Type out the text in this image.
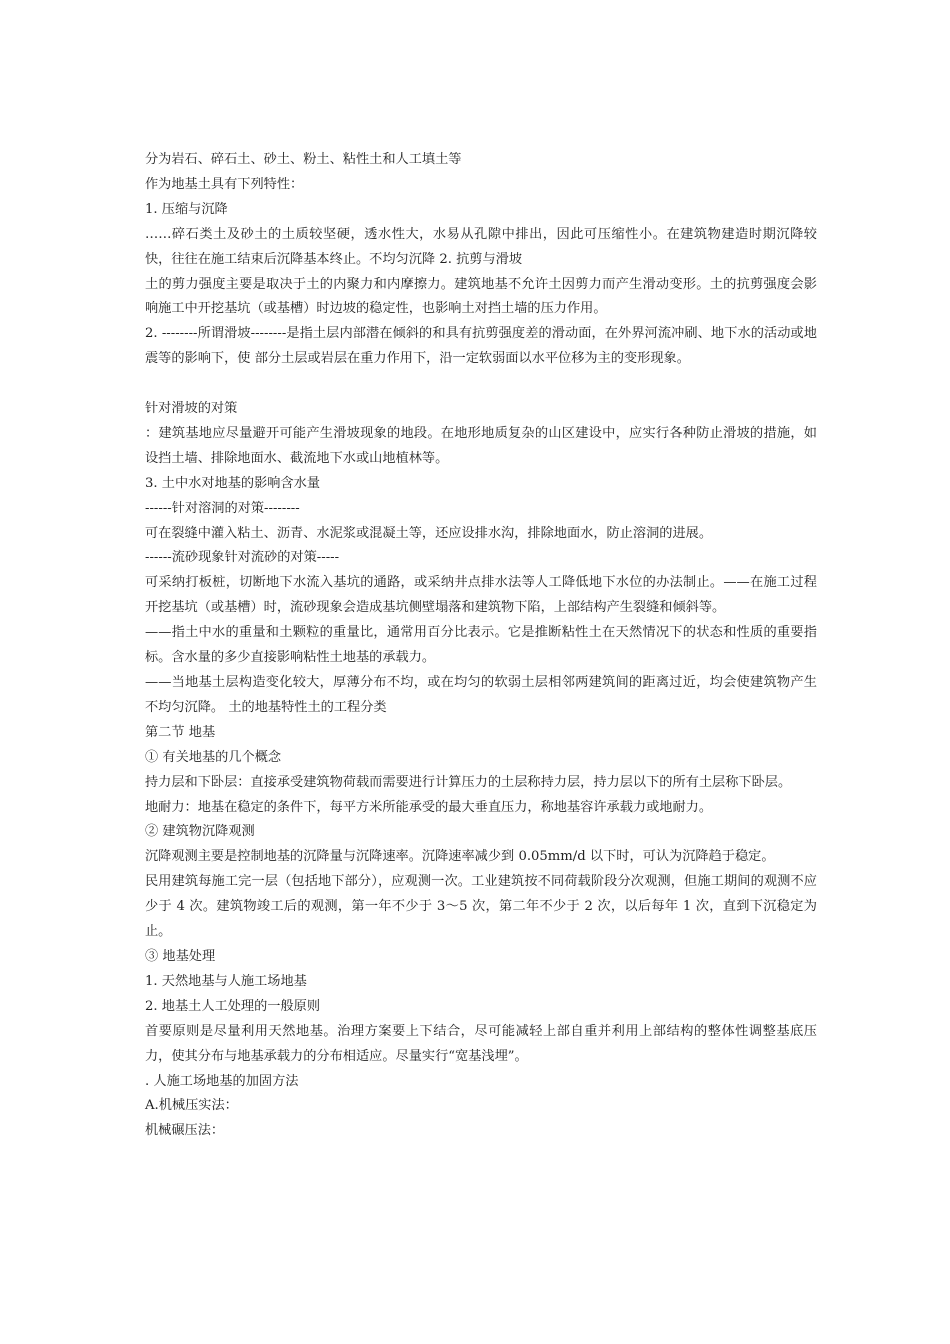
分为岩石、碎石土、砂土、粉土、粘性土和人工填土等

作为地基土具有下列特性：

1. 压缩与沉降

……碎石类土及砂土的土质较坚硬，透水性大，水易从孔隙中排出，因此可压缩性小。在建筑物建造时期沉降较快，往往在施工结束后沉降基本终止。不均匀沉降 2. 抗剪与滑坡

土的剪力强度主要是取决于土的内聚力和内摩擦力。建筑地基不允许土因剪力而产生滑动变形。土的抗剪强度会影响施工中开挖基坑（或基槽）时边坡的稳定性，也影响土对挡土墙的压力作用。

2. --------所谓滑坡--------是指土层内部潜在倾斜的和具有抗剪强度差的滑动面，在外界河流冲刷、地下水的活动或地震等的影响下，使 部分土层或岩层在重力作用下，沿一定软弱面以水平位移为主的变形现象。

针对滑坡的对策

：建筑基地应尽量避开可能产生滑坡现象的地段。在地形地质复杂的山区建设中，应实行各种防止滑坡的措施，如设挡土墙、排除地面水、截流地下水或山地植林等。

3. 土中水对地基的影响含水量

------针对溶洞的对策--------

可在裂缝中灌入粘土、沥青、水泥浆或混凝土等，还应设排水沟，排除地面水，防止溶洞的进展。

------流砂现象针对流砂的对策-----

可采纳打板桩，切断地下水流入基坑的通路，或采纳井点排水法等人工降低地下水位的办法制止。——在施工过程开挖基坑（或基槽）时，流砂现象会造成基坑侧壁塌落和建筑物下陷，上部结构产生裂缝和倾斜等。

——指土中水的重量和土颗粒的重量比，通常用百分比表示。它是推断粘性土在天然情况下的状态和性质的重要指标。含水量的多少直接影响粘性土地基的承载力。

——当地基土层构造变化较大，厚薄分布不均，或在均匀的软弱土层相邻两建筑间的距离过近，均会使建筑物产生不均匀沉降。 土的地基特性土的工程分类

第二节 地基

① 有关地基的几个概念

持力层和下卧层：直接承受建筑物荷载而需要进行计算压力的土层称持力层，持力层以下的所有土层称下卧层。

地耐力：地基在稳定的条件下，每平方米所能承受的最大垂直压力，称地基容许承载力或地耐力。

② 建筑物沉降观测

沉降观测主要是控制地基的沉降量与沉降速率。沉降速率减少到 0.05mm/d 以下时，可认为沉降趋于稳定。

民用建筑每施工完一层（包括地下部分），应观测一次。工业建筑按不同荷载阶段分次观测，但施工期间的观测不应少于 4 次。建筑物竣工后的观测，第一年不少于 3～5 次，第二年不少于 2 次，以后每年 1 次，直到下沉稳定为止。

③ 地基处理

1. 天然地基与人施工场地基

2. 地基土人工处理的一般原则

首要原则是尽量利用天然地基。治理方案要上下结合，尽可能减轻上部自重并利用上部结构的整体性调整基底压力，使其分布与地基承载力的分布相适应。尽量实行“宽基浅埋”。

. 人施工场地基的加固方法

A.机械压实法：

机械碾压法：
